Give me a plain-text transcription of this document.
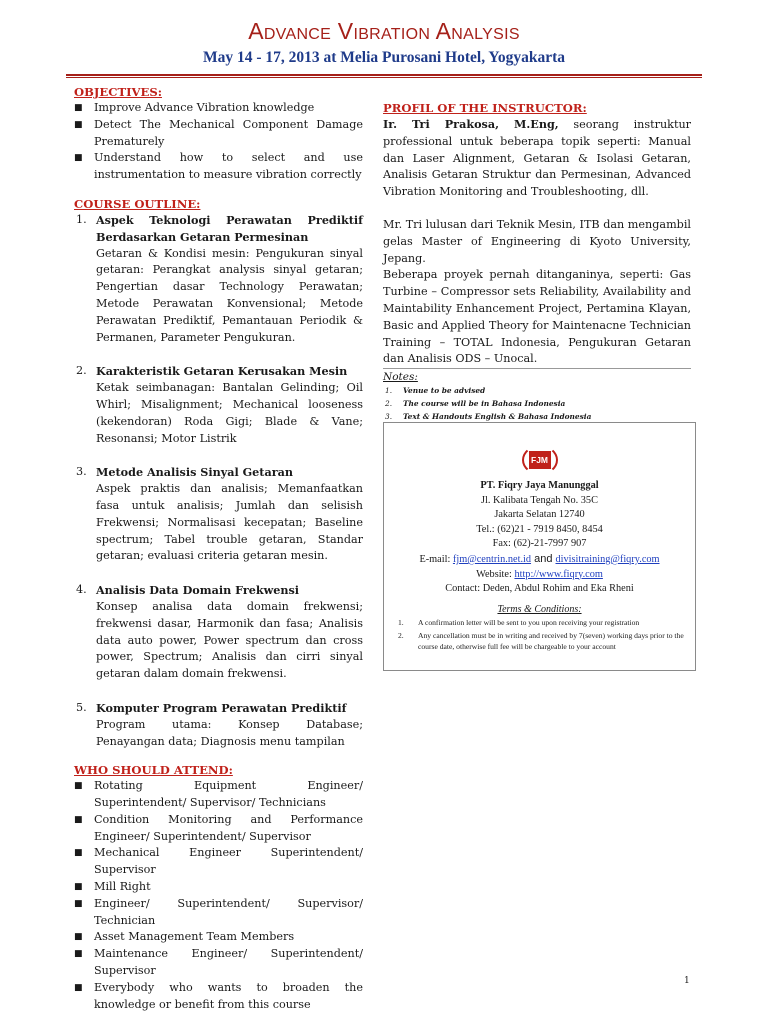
Advance Vibration Analysis
May 14 - 17, 2013 at Melia Purosani Hotel, Yogyakarta
OBJECTIVES:
■ Improve Advance Vibration knowledge
■ Detect The Mechanical Component Damage Prematurely
■ Understand how to select and use instrumentation to measure vibration correctly
COURSE OUTLINE:
1. Aspek Teknologi Perawatan Prediktif Berdasarkan Getaran Permesinan
Getaran & Kondisi mesin: Pengukuran sinyal getaran: Perangkat analysis sinyal getaran; Pengertian dasar Technology Perawatan; Metode Perawatan Konvensional; Metode Perawatan Prediktif, Pemantauan Periodik & Permanen, Parameter Pengukuran.
2. Karakteristik Getaran Kerusakan Mesin
Ketak seimbanagan: Bantalan Gelinding; Oil Whirl; Misalignment; Mechanical looseness (kekendoran) Roda Gigi; Blade & Vane; Resonansi; Motor Listrik
3. Metode Analisis Sinyal Getaran
Aspek praktis dan analisis; Memanfaatkan fasa untuk analisis; Jumlah dan selisish Frekwensi; Normalisasi kecepatan; Baseline spectrum; Tabel trouble getaran, Standar getaran; evaluasi criteria getaran mesin.
4. Analisis Data Domain Frekwensi
Konsep analisa data domain frekwensi; frekwensi dasar, Harmonik dan fasa; Analisis data auto power, Power spectrum dan cross power, Spectrum; Analisis dan cirri sinyal getaran dalam domain frekwensi.
5. Komputer Program Perawatan Prediktif
Program utama: Konsep Database; Penayangan data; Diagnosis menu tampilan
WHO SHOULD ATTEND:
■ Rotating Equipment Engineer/ Superintendent/ Supervisor/ Technicians
■ Condition Monitoring and Performance Engineer/ Superintendent/ Supervisor
■ Mechanical Engineer Superintendent/ Supervisor
■ Mill Right
■ Engineer/ Superintendent/ Supervisor/ Technician
■ Asset Management Team Members
■ Maintenance Engineer/ Superintendent/ Supervisor
■ Everybody who wants to broaden the knowledge or benefit from this course
PROFIL OF THE INSTRUCTOR:
Ir. Tri Prakosa, M.Eng, seorang instruktur professional untuk beberapa topik seperti: Manual dan Laser Alignment, Getaran & Isolasi Getaran, Analisis Getaran Struktur dan Permesinan, Advanced Vibration Monitoring and Troubleshooting, dll.
Mr. Tri lulusan dari Teknik Mesin, ITB dan mengambil gelas Master of Engineering di Kyoto University, Jepang.
Beberapa proyek pernah ditanganinya, seperti: Gas Turbine – Compressor sets Reliability, Availability and Maintability Enhancement Project, Pertamina Klayan, Basic and Applied Theory for Maintenacne Technician Training – TOTAL Indonesia, Pengukuran Getaran dan Analisis ODS – Unocal.
Notes:
1. Venue to be advised
2. The course will be in Bahasa Indonesia
3. Text & Handouts English & Bahasa Indonesia
FJM
PT. Fiqry Jaya Manunggal
Jl. Kalibata Tengah No. 35C
Jakarta Selatan 12740
Tel.: (62)21 - 7919 8450, 8454
Fax: (62)-21-7997 907
E-mail: fjm@centrin.net.id and divisitraining@fiqry.com
Website: http://www.fiqry.com
Contact: Deden, Abdul Rohim and Eka Rheni
Terms & Conditions:
1. A confirmation letter will be sent to you upon receiving your registration
2. Any cancellation must be in writing and received by 7(seven) working days prior to the course date, otherwise full fee will be chargeable to your account
1
